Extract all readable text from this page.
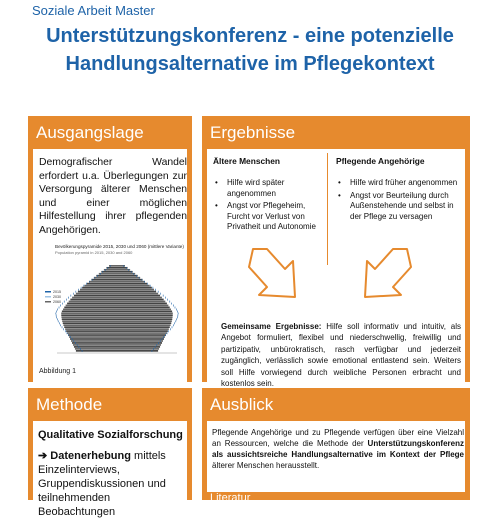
Soziale Arbeit Master
Unterstützungskonferenz - eine potenzielle Handlungsalternative im Pflegekontext
Ausgangslage

Demografischer Wandel erfordert u.a. Überlegungen zur Versorgung älterer Menschen und einer möglichen Hilfestellung ihrer pflegenden Angehörigen.

Bevölkerungspyramide 2015, 2030 und 2060 (mittlere Variante)
Population pyramid in 2015, 2030 and 2060
2015
2030
2060
Abbildung 1
Ergebnisse
Ältere Menschen	Pflegende Angehörige
• Hilfe wird später angenommen
• Angst vor Pflegeheim, Furcht vor Verlust von Privatheit und Autonomie
• Hilfe wird früher angenommen
• Angst vor Beurteilung durch Außenstehende und selbst in der Pflege zu versagen

Gemeinsame Ergebnisse: Hilfe soll informativ und intuitiv, als Angebot formuliert, flexibel und niederschwellig, freiwillig und partizipativ, unbürokratisch, rasch verfügbar und jederzeit zugänglich, verlässlich sowie emotional entlastend sein. Weiters soll Hilfe vorwiegend durch weibliche Personen erbracht und kostenlos sein.

Methode
Qualitative Sozialforschung

➔ Datenerhebung mittels Einzelinterviews, Gruppendiskussionen und teilnehmenden Beobachtungen

Ausblick

Pflegende Angehörige und zu Pflegende verfügen über eine Vielzahl an Ressourcen, welche die Methode der Unterstützungskonferenz als aussichtsreiche Handlungsalternative im Kontext der Pflege älterer Menschen herausstellt.

Literatur
